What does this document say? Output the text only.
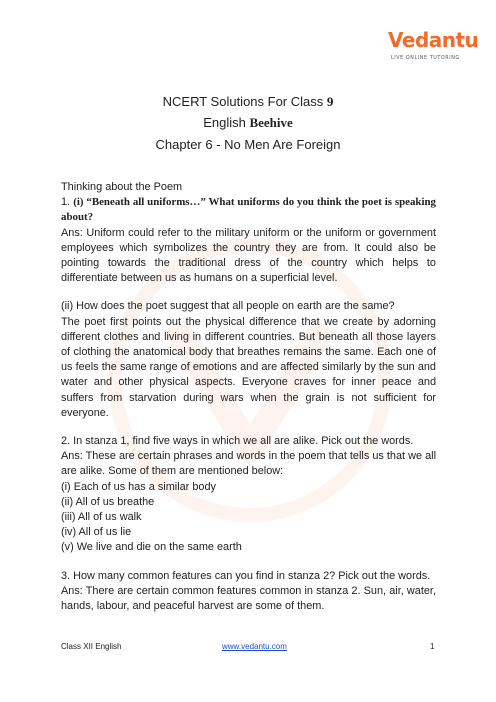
Vedantu
LIVE ONLINE TUTORING
NCERT Solutions For Class 9
English Beehive
Chapter 6 - No Men Are Foreign

Thinking about the Poem

1. (i) “Beneath all uniforms…” What uniforms do you think the poet is speaking about?

Ans: Uniform could refer to the military uniform or the uniform or government employees which symbolizes the country they are from. It could also be pointing towards the traditional dress of the country which helps to differentiate between us as humans on a superficial level.

(ii) How does the poet suggest that all people on earth are the same?

The poet first points out the physical difference that we create by adorning different clothes and living in different countries. But beneath all those layers of clothing the anatomical body that breathes remains the same. Each one of us feels the same range of emotions and are affected similarly by the sun and water and other physical aspects. Everyone craves for inner peace and suffers from starvation during wars when the grain is not sufficient for everyone.

2. In stanza 1, find five ways in which we all are alike. Pick out the words.

Ans: These are certain phrases and words in the poem that tells us that we all are alike. Some of them are mentioned below:

(i) Each of us has a similar body

(ii) All of us breathe

(iii) All of us walk

(iv) All of us lie

(v) We live and die on the same earth

3. How many common features can you find in stanza 2? Pick out the words.

Ans: There are certain common features common in stanza 2. Sun, air, water, hands, labour, and peaceful harvest are some of them.

Class XII English	www.vedantu.com	1
